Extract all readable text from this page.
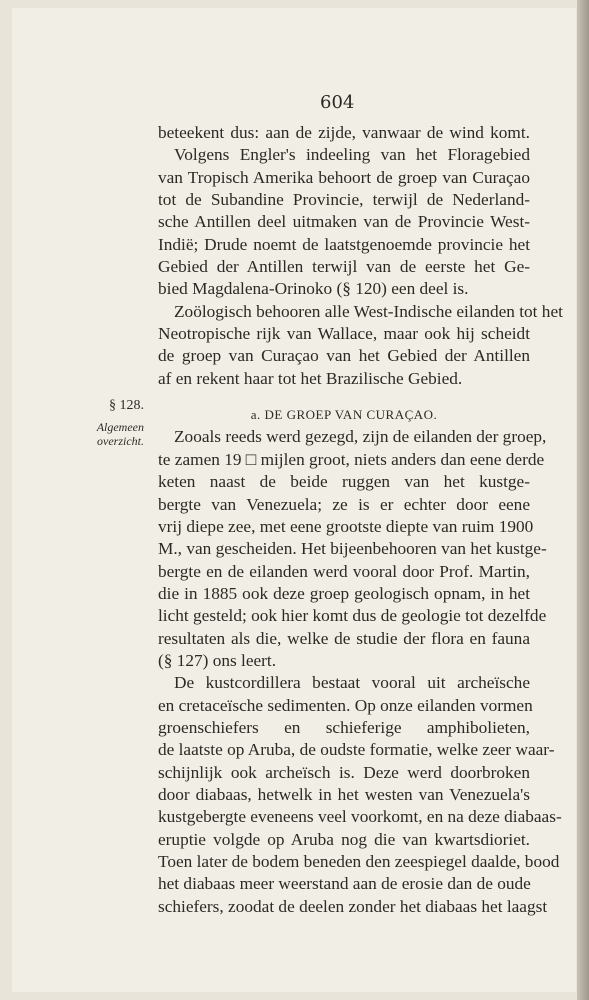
604
§ 128.
Algemeen
overzicht.
beteekent dus: aan de zijde, vanwaar de wind komt.
Volgens Engler's indeeling van het Floragebied
van Tropisch Amerika behoort de groep van Curaçao
tot de Subandine Provincie, terwijl de Nederland-
sche Antillen deel uitmaken van de Provincie West-
Indië; Drude noemt de laatstgenoemde provincie het
Gebied der Antillen terwijl van de eerste het Ge-
bied Magdalena-Orinoko (§ 120) een deel is.
Zoölogisch behooren alle West-Indische eilanden tot het
Neotropische rijk van Wallace, maar ook hij scheidt
de groep van Curaçao van het Gebied der Antillen
af en rekent haar tot het Brazilische Gebied.
a. DE GROEP VAN CURAÇAO.
Zooals reeds werd gezegd, zijn de eilanden der groep,
te zamen 19 □ mijlen groot, niets anders dan eene derde
keten naast de beide ruggen van het kustge-
bergte van Venezuela; ze is er echter door eene
vrij diepe zee, met eene grootste diepte van ruim 1900
M., van gescheiden. Het bijeenbehooren van het kustge-
bergte en de eilanden werd vooral door Prof. Martin,
die in 1885 ook deze groep geologisch opnam, in het
licht gesteld; ook hier komt dus de geologie tot dezelfde
resultaten als die, welke de studie der flora en fauna
(§ 127) ons leert.
De kustcordillera bestaat vooral uit archeïsche
en cretaceïsche sedimenten. Op onze eilanden vormen
groenschiefers en schieferige amphibolieten,
de laatste op Aruba, de oudste formatie, welke zeer waar-
schijnlijk ook archeïsch is. Deze werd doorbroken
door diabaas, hetwelk in het westen van Venezuela's
kustgebergte eveneens veel voorkomt, en na deze diabaas-
eruptie volgde op Aruba nog die van kwartsdioriet.
Toen later de bodem beneden den zeespiegel daalde, bood
het diabaas meer weerstand aan de erosie dan de oude
schiefers, zoodat de deelen zonder het diabaas het laagst
